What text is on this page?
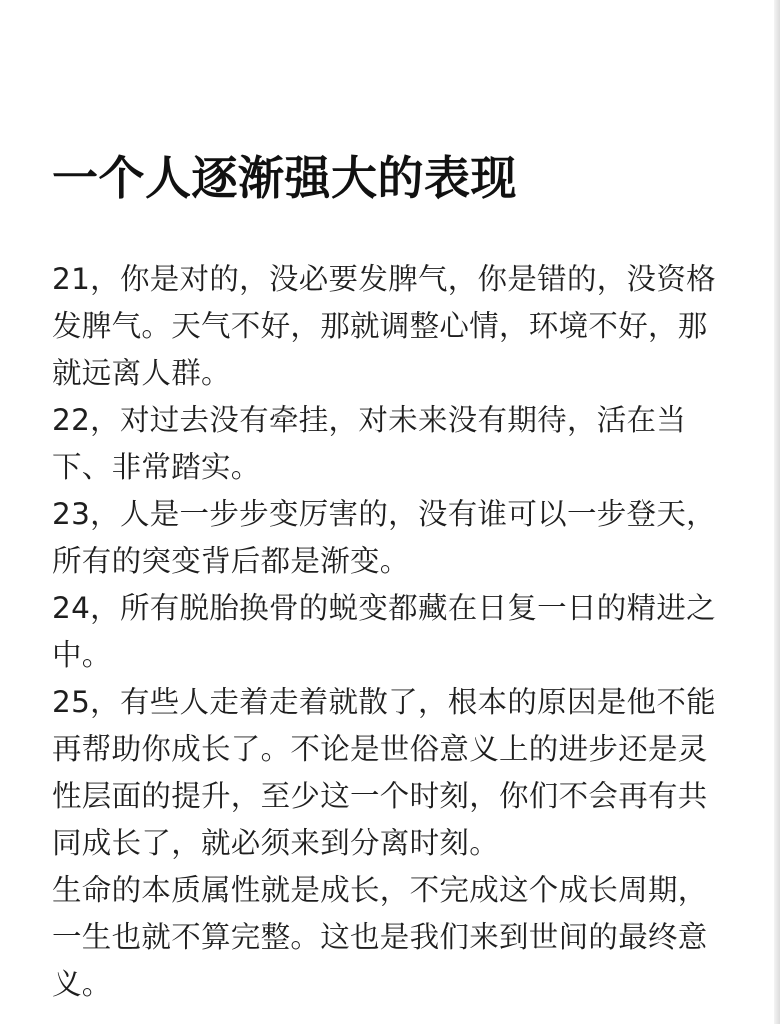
一个人逐渐强大的表现

21，你是对的，没必要发脾气，你是错的，没资格发脾气。天气不好，那就调整心情，环境不好，那就远离人群。

22，对过去没有牵挂，对未来没有期待，活在当下、非常踏实。

23，人是一步步变厉害的，没有谁可以一步登天，所有的突变背后都是渐变。

24，所有脱胎换骨的蜕变都藏在日复一日的精进之中。

25，有些人走着走着就散了，根本的原因是他不能再帮助你成长了。不论是世俗意义上的进步还是灵性层面的提升，至少这一个时刻，你们不会再有共同成长了，就必须来到分离时刻。

生命的本质属性就是成长，不完成这个成长周期，一生也就不算完整。这也是我们来到世间的最终意义。
